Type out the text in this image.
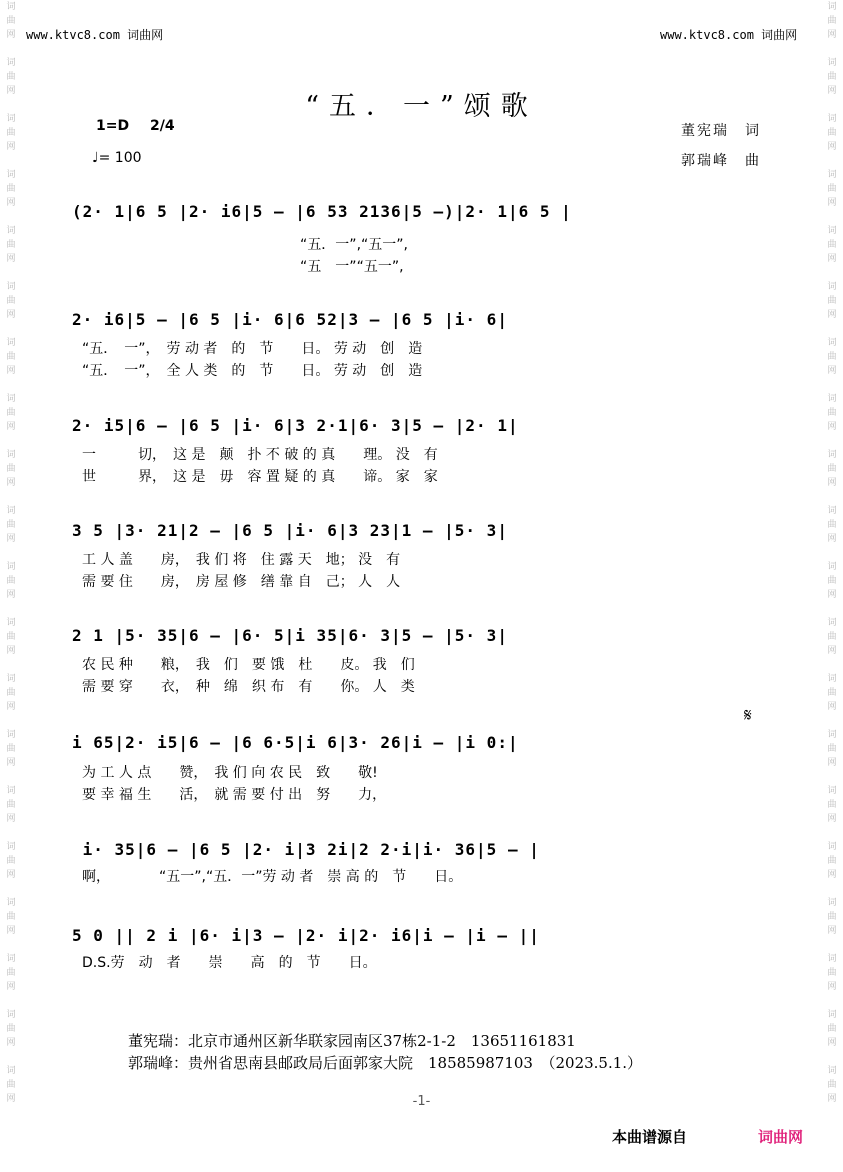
www.ktvc8.com 词曲网	www.ktvc8.com 词曲网
词
曲
网

词
曲
网

词
曲
网

词
曲
网

词
曲
网

词
曲
网

词
曲
网

词
曲
网

词
曲
网

词
曲
网

词
曲
网

词
曲
网

词
曲
网

词
曲
网

词
曲
网

词
曲
网

词
曲
网

词
曲
网

词
曲
网

词
曲
网
词
曲
网

词
曲
网

词
曲
网

词
曲
网

词
曲
网

词
曲
网

词
曲
网

词
曲
网

词
曲
网

词
曲
网

词
曲
网

词
曲
网

词
曲
网

词
曲
网

词
曲
网

词
曲
网

词
曲
网

词
曲
网

词
曲
网

词
曲
网
“五．一”颂歌
1=D 2/4
♩= 100
董宪瑞　词
郭瑞峰　曲
(2· 1|6 5 |2· i6|5 – |6 53 2136|5 –)|2· 1|6 5 |
“五．一”,“五一”,
“五　一”“五一”,
2· i6|5 – |6 5 |i· 6|6 52|3 – |6 5 |i· 6|
“五．　一”，　劳 动 者　的　节　　日。 劳 动　创　造
“五．　一”，　全 人 类　的　节　　日。 劳 动　创　造
2· i5|6 – |6 5 |i· 6|3 2·1|6· 3|5 – |2· 1|
一　　　切，　这 是　颠　扑 不 破 的 真　　理。 没　有
世　　　界，　这 是　毋　容 置 疑 的 真　　谛。 家　家
3 5 |3· 21|2 – |6 5 |i· 6|3 23|1 – |5· 3|
工 人 盖　　房，　我 们 将　住 露 天　地； 没　有
需 要 住　　房，　房 屋 修　缮 靠 自　己； 人　人
2 1 |5· 35|6 – |6· 5|i 35|6· 3|5 – |5· 3|
农 民 种　　粮，　我　们　要 饿　杜　　皮。 我　们
需 要 穿　　衣，　种　绵　织 布　有　　你。 人　类
i 65|2· i5|6 – |6 6·5|i 6|3· 26|i – |i 0:|
为 工 人 点　　赞，　我 们 向 农 民　致　　敬!
要 幸 福 生　　活，　就 需 要 付 出　努　　力，
𝄋
i· 35|6 – |6 5 |2· i|3 2i|2 2·i|i· 36|5 – |
啊，　　　　“五一”,“五．一”劳 动 者　崇 高 的　节　　日。
5 0 || 2 i |6· i|3 – |2· i|2· i6|i – |i – ||
D.S.劳　动　者　　崇　　高　的　节　　日。
董宪瑞：北京市通州区新华联家园南区37栋2-1-2　13651161831
郭瑞峰：贵州省思南县邮政局后面郭家大院　18585987103　（2023.5.1.）
-1-
本曲谱源自	词曲网
